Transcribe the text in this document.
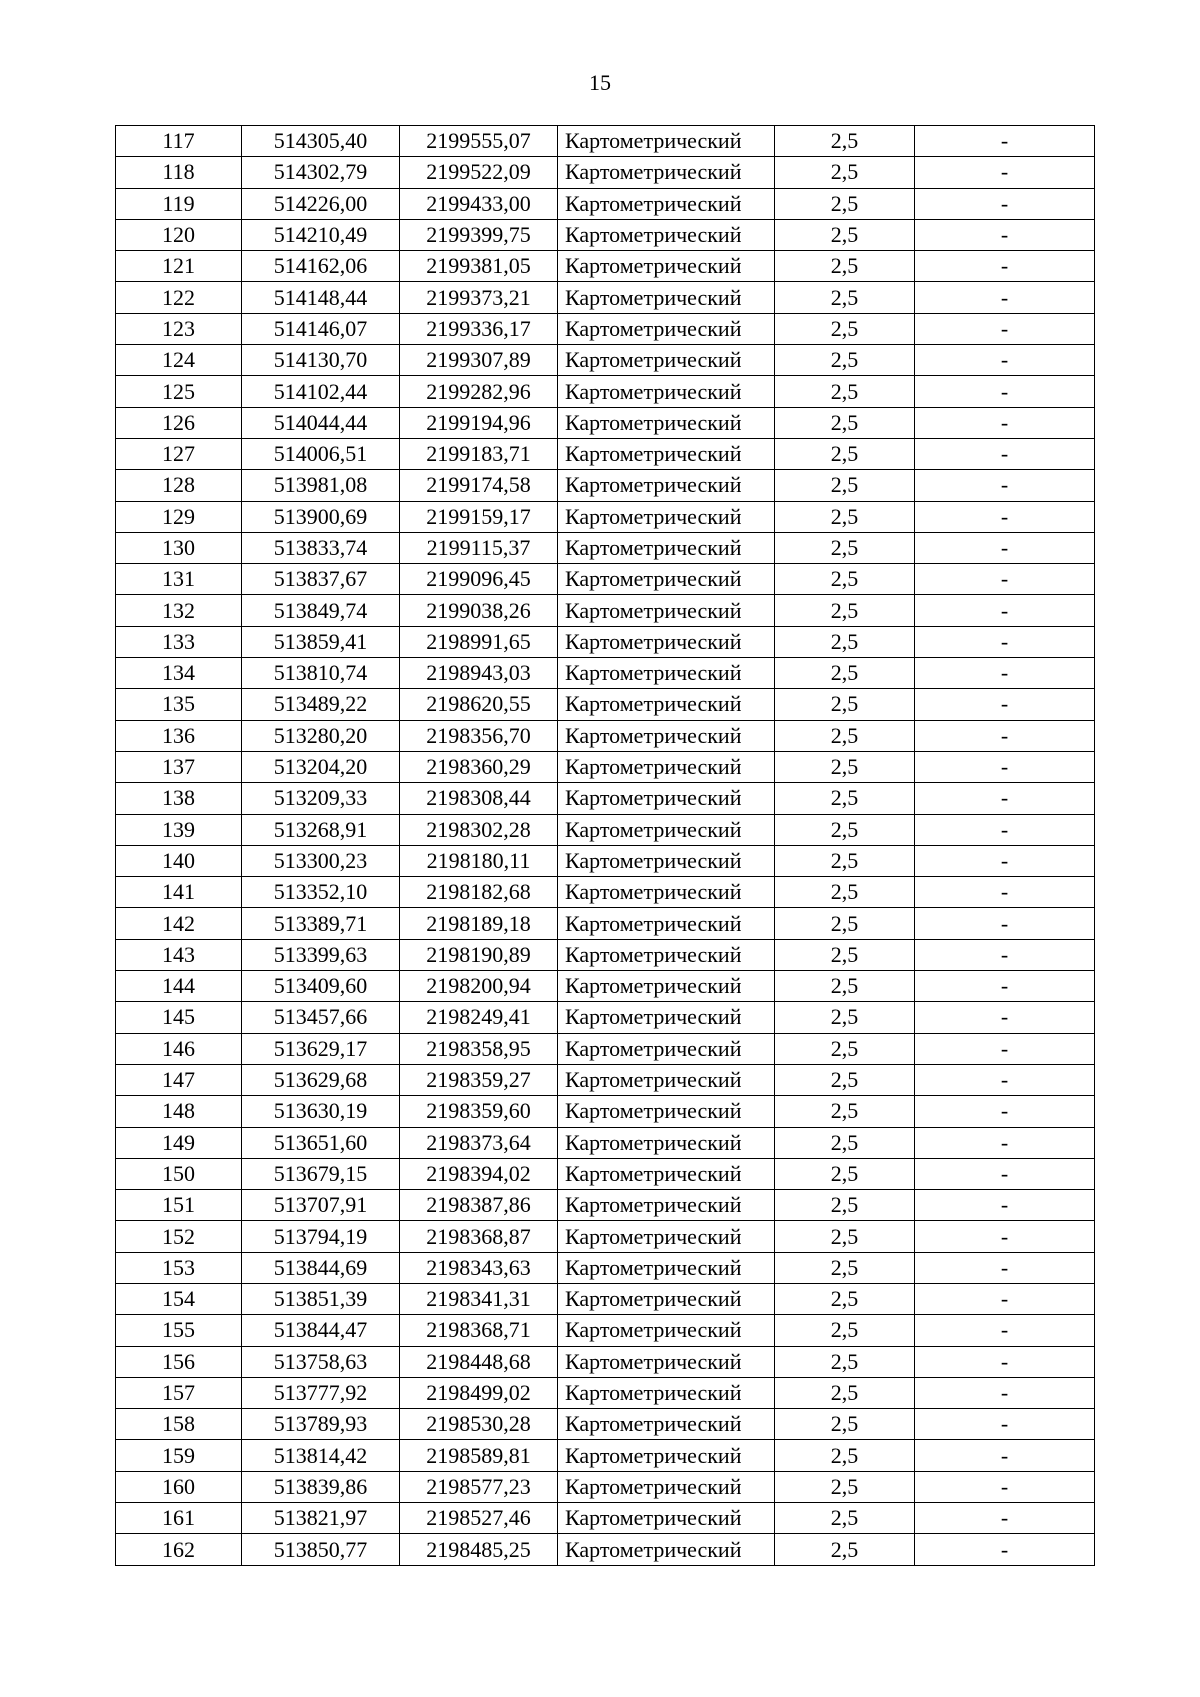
15
117	514305,40	2199555,07	Картометрический	2,5	-
118	514302,79	2199522,09	Картометрический	2,5	-
119	514226,00	2199433,00	Картометрический	2,5	-
120	514210,49	2199399,75	Картометрический	2,5	-
121	514162,06	2199381,05	Картометрический	2,5	-
122	514148,44	2199373,21	Картометрический	2,5	-
123	514146,07	2199336,17	Картометрический	2,5	-
124	514130,70	2199307,89	Картометрический	2,5	-
125	514102,44	2199282,96	Картометрический	2,5	-
126	514044,44	2199194,96	Картометрический	2,5	-
127	514006,51	2199183,71	Картометрический	2,5	-
128	513981,08	2199174,58	Картометрический	2,5	-
129	513900,69	2199159,17	Картометрический	2,5	-
130	513833,74	2199115,37	Картометрический	2,5	-
131	513837,67	2199096,45	Картометрический	2,5	-
132	513849,74	2199038,26	Картометрический	2,5	-
133	513859,41	2198991,65	Картометрический	2,5	-
134	513810,74	2198943,03	Картометрический	2,5	-
135	513489,22	2198620,55	Картометрический	2,5	-
136	513280,20	2198356,70	Картометрический	2,5	-
137	513204,20	2198360,29	Картометрический	2,5	-
138	513209,33	2198308,44	Картометрический	2,5	-
139	513268,91	2198302,28	Картометрический	2,5	-
140	513300,23	2198180,11	Картометрический	2,5	-
141	513352,10	2198182,68	Картометрический	2,5	-
142	513389,71	2198189,18	Картометрический	2,5	-
143	513399,63	2198190,89	Картометрический	2,5	-
144	513409,60	2198200,94	Картометрический	2,5	-
145	513457,66	2198249,41	Картометрический	2,5	-
146	513629,17	2198358,95	Картометрический	2,5	-
147	513629,68	2198359,27	Картометрический	2,5	-
148	513630,19	2198359,60	Картометрический	2,5	-
149	513651,60	2198373,64	Картометрический	2,5	-
150	513679,15	2198394,02	Картометрический	2,5	-
151	513707,91	2198387,86	Картометрический	2,5	-
152	513794,19	2198368,87	Картометрический	2,5	-
153	513844,69	2198343,63	Картометрический	2,5	-
154	513851,39	2198341,31	Картометрический	2,5	-
155	513844,47	2198368,71	Картометрический	2,5	-
156	513758,63	2198448,68	Картометрический	2,5	-
157	513777,92	2198499,02	Картометрический	2,5	-
158	513789,93	2198530,28	Картометрический	2,5	-
159	513814,42	2198589,81	Картометрический	2,5	-
160	513839,86	2198577,23	Картометрический	2,5	-
161	513821,97	2198527,46	Картометрический	2,5	-
162	513850,77	2198485,25	Картометрический	2,5	-
